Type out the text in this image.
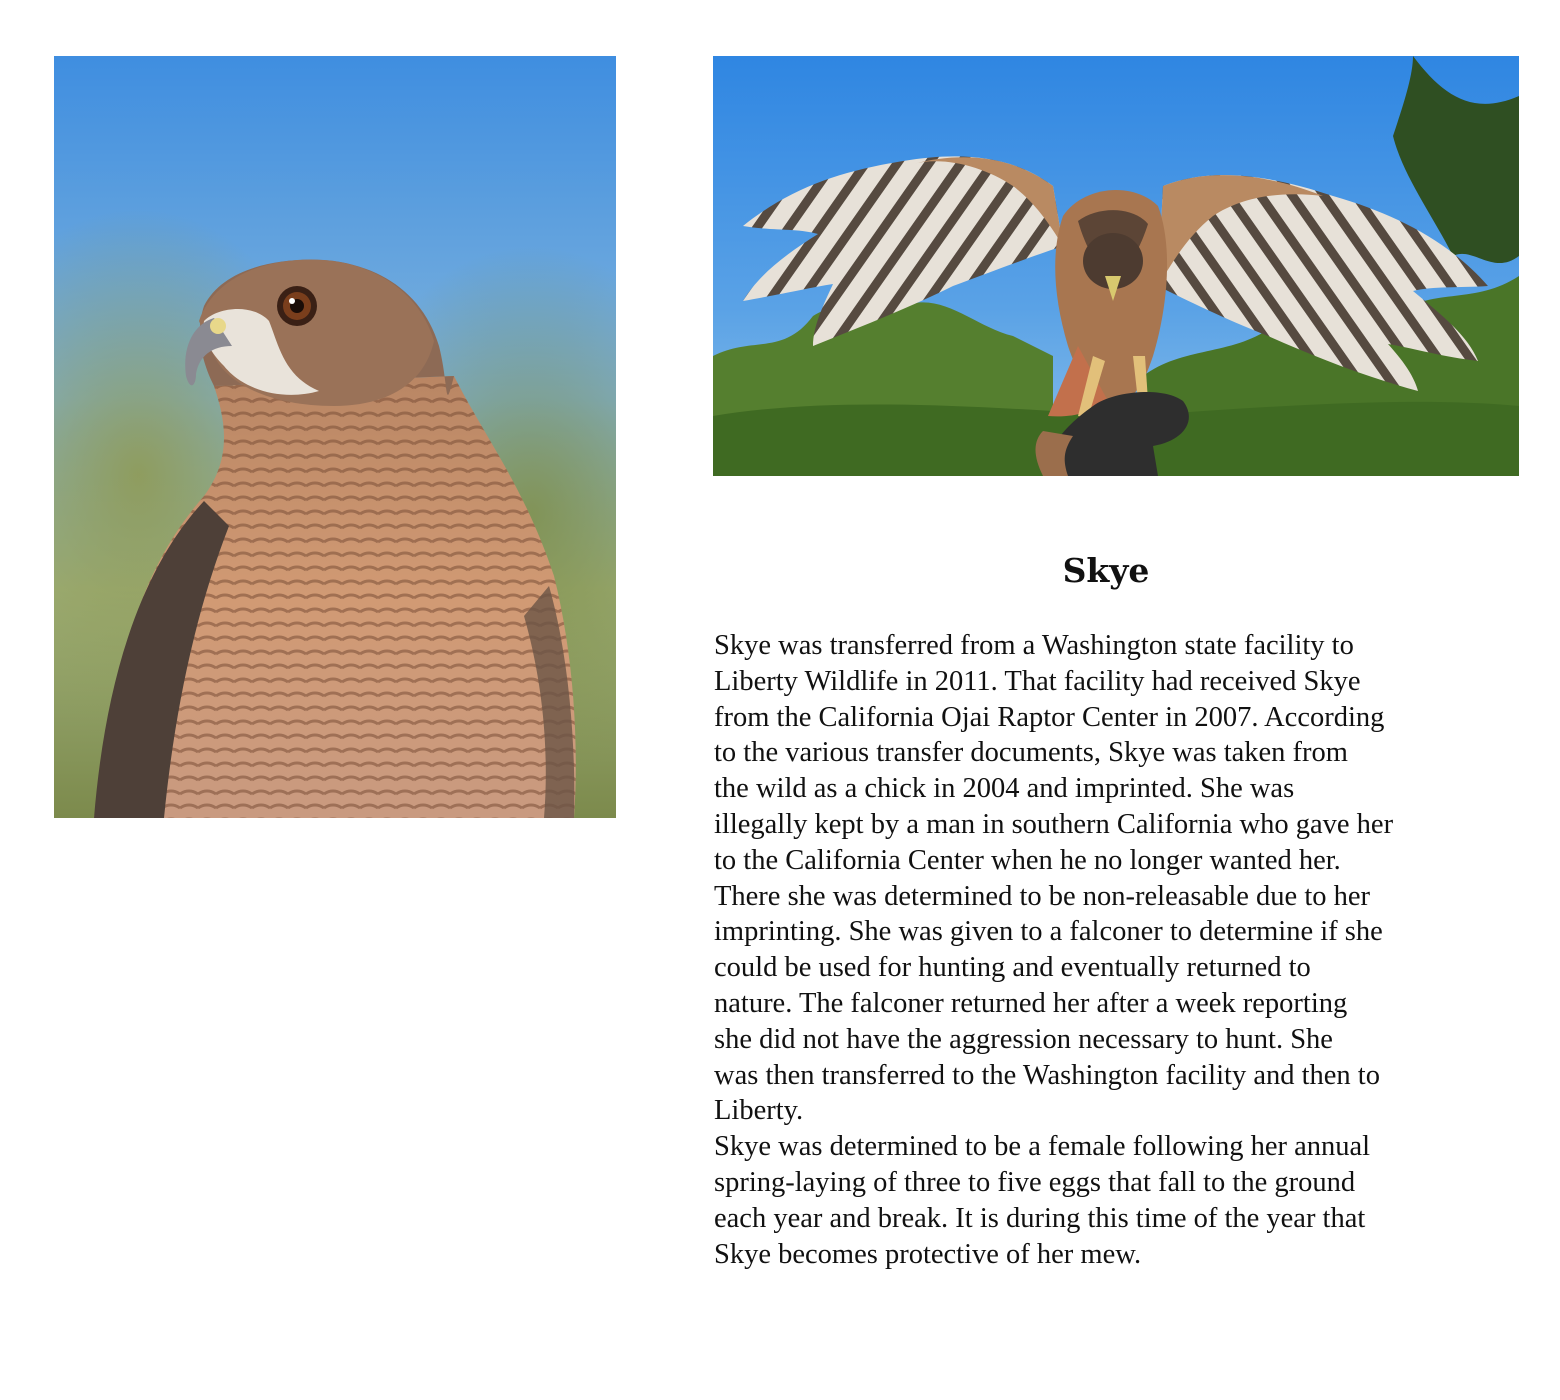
Skye

Skye was transferred from a Washington state facility to
Liberty Wildlife in 2011. That facility had received Skye
from the California Ojai Raptor Center in 2007. According
to the various transfer documents, Skye was taken from
the wild as a chick in 2004 and imprinted. She was
illegally kept by a man in southern California who gave her
to the California Center when he no longer wanted her.
There she was determined to be non-releasable due to her
imprinting. She was given to a falconer to determine if she
could be used for hunting and eventually returned to
nature. The falconer returned her after a week reporting
she did not have the aggression necessary to hunt. She
was then transferred to the Washington facility and then to
Liberty.

Skye was determined to be a female following her annual
spring-laying of three to five eggs that fall to the ground
each year and break. It is during this time of the year that
Skye becomes protective of her mew.
